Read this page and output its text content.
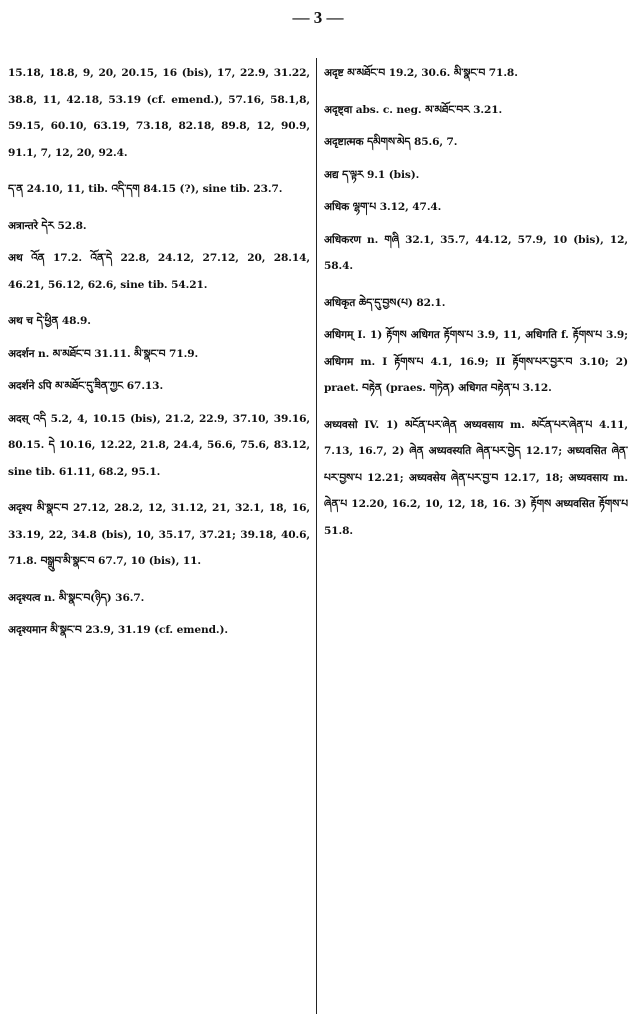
— 3 —

15.18, 18.8, 9, 20, 20.15, 16 (bis), 17, 22.9, 31.22, 38.8, 11, 42.18, 53.19 (cf. emend.), 57.16, 58.1,8, 59.15, 60.10, 63.19, 73.18, 82.18, 89.8, 12, 90.9, 91.1, 7, 12, 20, 92.4.

ད་ན 24.10, 11, tib. འདི་དག 84.15 (?), sine tib. 23.7.

अत्रान्तरे དེར 52.8.

अथ འོན 17.2. འོན་དེ 22.8, 24.12, 27.12, 20, 28.14, 46.21, 56.12, 62.6, sine tib. 54.21.

अथ च དེ་ཕྱིན 48.9.

अदर्शन n. མ་མཐོང་བ 31.11. མི་སྣང་བ 71.9.

अदर्शने ऽपि མ་མཐོང་དུ་ཟིན་ཀྱང 67.13.

अदस् འདི 5.2, 4, 10.15 (bis), 21.2, 22.9, 37.10, 39.16, 80.15. དེ 10.16, 12.22, 21.8, 24.4, 56.6, 75.6, 83.12, sine tib. 61.11, 68.2, 95.1.

अदृश्य མི་སྣང་བ 27.12, 28.2, 12, 31.12, 21, 32.1, 18, 16, 33.19, 22, 34.8 (bis), 10, 35.17, 37.21; 39.18, 40.6, 71.8. བསྒྲུབ་མི་སྣང་བ 67.7, 10 (bis), 11.

अदृश्यत्व n. མི་སྣང་བ(ཉིད) 36.7.

अदृश्यमान མི་སྣང་བ 23.9, 31.19 (cf. emend.).

अदृष्ट མ་མཐོང་བ 19.2, 30.6. མི་སྣང་བ 71.8.

अदृष्ट्वा abs. c. neg. མ་མཐོང་བར 3.21.

अदृष्टात्मक དམིགས་མེད 85.6, 7.

अद्य ད་ལྟར 9.1 (bis).

अधिक ལྷག་པ 3.12, 47.4.

अधिकरण n. གཞི 32.1, 35.7, 44.12, 57.9, 10 (bis), 12, 58.4.

अधिकृत ཆེད་དུ་བྱས(པ) 82.1.

अधिगम् I. 1) རྟོགས अधिगत རྟོགས་པ 3.9, 11, अधिगति f. རྟོགས་པ 3.9; अधिगम m. I རྟོགས་པ 4.1, 16.9; II རྟོགས་པར་བྱར་བ 3.10; 2) praet. བརྟེན (praes. གཏེན) अधिगत བརྟེན་པ 3.12.

अध्यवसो IV. 1) མངོན་པར་ཞེན अध्यवसाय m. མངོན་པར་ཞེན་པ 4.11, 7.13, 16.7, 2) ཞེན अध्यवस्यति ཞེན་པར་བྱེད 12.17; अध्यवसित ཞེན་པར་བྱས་པ 12.21; अध्यवसेय ཞེན་པར་བྱ་བ 12.17, 18; अध्यवसाय m. ཞེན་པ 12.20, 16.2, 10, 12, 18, 16. 3) རྟོགས अध्यवसित རྟོགས་པ 51.8.
